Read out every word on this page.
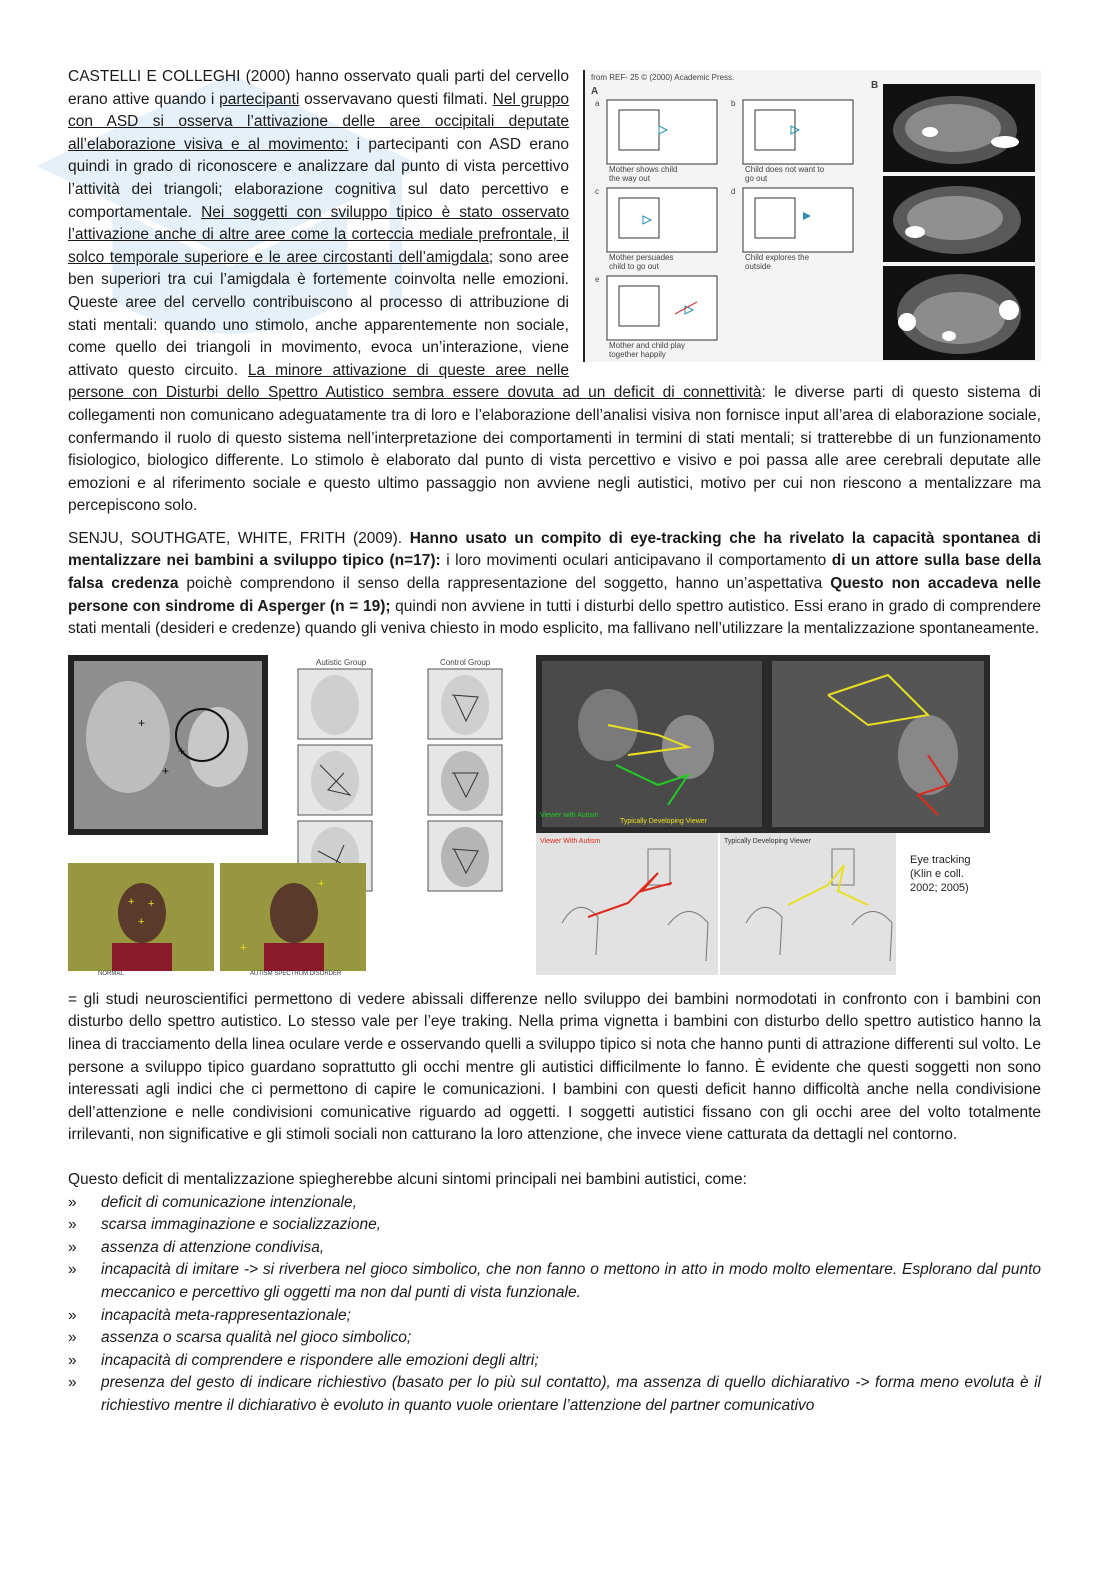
from REF- 25 © (2000) Academic Press.
A
a
Mother shows child
the way out
b
Child does not want to
go out
c
Mother persuades
child to go out
d
Child explores the
outside
e
Mother and child play
together happily
B

CASTELLI E COLLEGHI (2000) hanno osservato quali parti del cervello erano attive quando i partecipanti osservavano questi filmati. Nel gruppo con ASD si osserva l’attivazione delle aree occipitali deputate all’elaborazione visiva e al movimento: i partecipanti con ASD erano quindi in grado di riconoscere e analizzare dal punto di vista percettivo l’attività dei triangoli; elaborazione cognitiva sul dato percettivo e comportamentale. Nei soggetti con sviluppo tipico è stato osservato l’attivazione anche di altre aree come la corteccia mediale prefrontale, il solco temporale superiore e le aree circostanti dell’amigdala; sono aree ben superiori tra cui l’amigdala è fortemente coinvolta nelle emozioni. Queste aree del cervello contribuiscono al processo di attribuzione di stati mentali: quando uno stimolo, anche apparentemente non sociale, come quello dei triangoli in movimento, evoca un’interazione, viene attivato questo circuito. La minore attivazione di queste aree nelle persone con Disturbi dello Spettro Autistico sembra essere dovuta ad un deficit di connettività: le diverse parti di questo sistema di collegamenti non comunicano adeguatamente tra di loro e l’elaborazione dell’analisi visiva non fornisce input all’area di elaborazione sociale, confermando il ruolo di questo sistema nell’interpretazione dei comportamenti in termini di stati mentali; si tratterebbe di un funzionamento fisiologico, biologico differente. Lo stimolo è elaborato dal punto di vista percettivo e visivo e poi passa alle aree cerebrali deputate alle emozioni e al riferimento sociale e questo ultimo passaggio non avviene negli autistici, motivo per cui non riescono a mentalizzare ma percepiscono solo.

SENJU, SOUTHGATE, WHITE, FRITH (2009). Hanno usato un compito di eye-tracking che ha rivelato la capacità spontanea di mentalizzare nei bambini a sviluppo tipico (n=17): i loro movimenti oculari anticipavano il comportamento di un attore sulla base della falsa credenza poichè comprendono il senso della rappresentazione del soggetto, hanno un’aspettativa Questo non accadeva nelle persone con sindrome di Asperger (n = 19); quindi non avviene in tutti i disturbi dello spettro autistico. Essi erano in grado di comprendere stati mentali (desideri e credenze) quando gli veniva chiesto in modo esplicito, ma fallivano nell’utilizzare la mentalizzazione spontaneamente.

+
+
+
Autistic Group	Control Group
Viewer with Autism
Typically Developing Viewer
Viewer With Autism	Typically Developing Viewer
Eye tracking
(Klin e coll.
2002; 2005)
+ +
+
NORMAL
+
+
AUTISM SPECTRUM DISORDER

= gli studi neuroscientifici permettono di vedere abissali differenze nello sviluppo dei bambini normodotati in confronto con i bambini con disturbo dello spettro autistico. Lo stesso vale per l’eye traking. Nella prima vignetta i bambini con disturbo dello spettro autistico hanno la linea di tracciamento della linea oculare verde e osservando quelli a sviluppo tipico si nota che hanno punti di attrazione differenti sul volto. Le persone a sviluppo tipico guardano soprattutto gli occhi mentre gli autistici difficilmente lo fanno. È evidente che questi soggetti non sono interessati agli indici che ci permettono di capire le comunicazioni. I bambini con questi deficit hanno difficoltà anche nella condivisione dell’attenzione e nelle condivisioni comunicative riguardo ad oggetti. I soggetti autistici fissano con gli occhi aree del volto totalmente irrilevanti, non significative e gli stimoli sociali non catturano la loro attenzione, che invece viene catturata da dettagli nel contorno.

Questo deficit di mentalizzazione spiegherebbe alcuni sintomi principali nei bambini autistici, come:

» deficit di comunicazione intenzionale,
» scarsa immaginazione e socializzazione,
» assenza di attenzione condivisa,
» incapacità di imitare -> si riverbera nel gioco simbolico, che non fanno o mettono in atto in modo molto elementare. Esplorano dal punto meccanico e percettivo gli oggetti ma non dal punti di vista funzionale.
» incapacità meta-rappresentazionale;
» assenza o scarsa qualità nel gioco simbolico;
» incapacità di comprendere e rispondere alle emozioni degli altri;
» presenza del gesto di indicare richiestivo (basato per lo più sul contatto), ma assenza di quello dichiarativo -> forma meno evoluta è il richiestivo mentre il dichiarativo è evoluto in quanto vuole orientare l’attenzione del partner comunicativo
